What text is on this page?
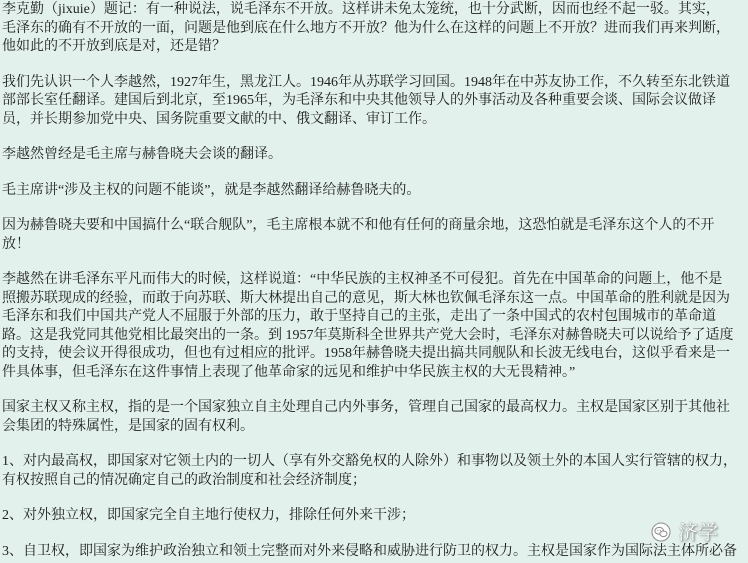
李克勤（jixuie）题记：有一种说法，说毛泽东不开放。这样讲未免太笼统，也十分武断，因而也经不起一驳。其实，
毛泽东的确有不开放的一面，问题是他到底在什么地方不开放？他为什么在这样的问题上不开放？进而我们再来判断，
他如此的不开放到底是对，还是错？
我们先认识一个人李越然，1927年生，黑龙江人。1946年从苏联学习回国。1948年在中苏友协工作，不久转至东北铁道
部部长室任翻译。建国后到北京，至1965年，为毛泽东和中央其他领导人的外事活动及各种重要会谈、国际会议做译
员，并长期参加党中央、国务院重要文献的中、俄文翻译、审订工作。
李越然曾经是毛主席与赫鲁晓夫会谈的翻译。
毛主席讲“涉及主权的问题不能谈”，就是李越然翻译给赫鲁晓夫的。
因为赫鲁晓夫要和中国搞什么“联合舰队”，毛主席根本就不和他有任何的商量余地，这恐怕就是毛泽东这个人的不开
放！
李越然在讲毛泽东平凡而伟大的时候，这样说道：“中华民族的主权神圣不可侵犯。首先在中国革命的问题上，他不是
照搬苏联现成的经验，而敢于向苏联、斯大林提出自己的意见，斯大林也钦佩毛泽东这一点。中国革命的胜利就是因为
毛泽东和我们中国共产党人不屈服于外部的压力，敢于坚持自己的主张，走出了一条中国式的农村包围城市的革命道
路。这是我党同其他党相比最突出的一条。到 1957年莫斯科全世界共产党大会时，毛泽东对赫鲁晓夫可以说给予了适度
的支持，使会议开得很成功，但也有过相应的批评。1958年赫鲁晓夫提出搞共同舰队和长波无线电台，这似乎看来是一
件具体事，但毛泽东在这件事情上表现了他革命家的远见和维护中华民族主权的大无畏精神。”
国家主权又称主权，指的是一个国家独立自主处理自己内外事务，管理自己国家的最高权力。主权是国家区别于其他社
会集团的特殊属性，是国家的固有权利。
1、对内最高权，即国家对它领土内的一切人（享有外交豁免权的人除外）和事物以及领土外的本国人实行管辖的权力，
有权按照自己的情况确定自己的政治制度和社会经济制度；
2、对外独立权，即国家完全自主地行使权力，排除任何外来干涉；
3、自卫权，即国家为维护政治独立和领土完整而对外来侵略和威胁进行防卫的权力。主权是国家作为国际法主体所必备
济学
